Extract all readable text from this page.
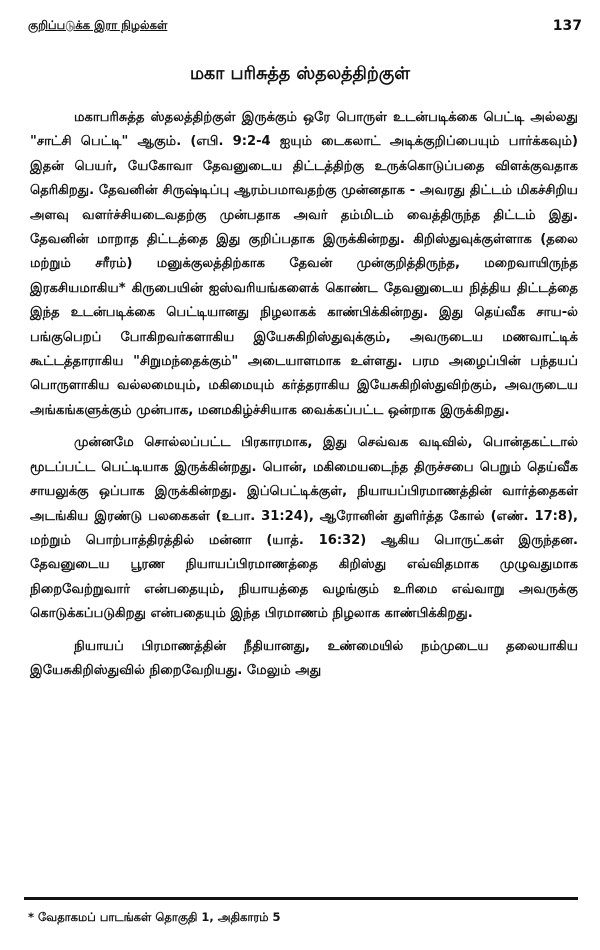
குறிப்படுக்க இரா நிழல்கள்	137
மகா பரிசுத்த ஸ்தலத்திற்குள்

மகாபரிசுத்த ஸ்தலத்திற்குள் இருக்கும் ஒரே பொருள் உடன்படிக்கை பெட்டி அல்லது "சாட்சி பெட்டி" ஆகும். (எபி. 9:2-4 ஐயும் டைகலாட் அடிக்குறிப்பையும் பார்க்கவும்) இதன் பெயர், யேகோவா தேவனுடைய திட்டத்திற்கு உருக்கொடுப்பதை விளக்குவதாக தெரிகிறது. தேவனின் சிருஷ்டிப்பு ஆரம்பமாவதற்கு முன்னதாக - அவரது திட்டம் மிகச்சிறிய அளவு வளர்ச்சியடைவதற்கு முன்பதாக அவர் தம்மிடம் வைத்திருந்த திட்டம் இது. தேவனின் மாறாத திட்டத்தை இது குறிப்பதாக இருக்கின்றது. கிறிஸ்துவுக்குள்ளாக (தலை மற்றும் சரீரம்) மனுக்குலத்திற்காக தேவன் முன்குறித்திருந்த, மறைவாயிருந்த இரகசியமாகிய* கிருபையின் ஐஸ்வரியங்களைக் கொண்ட தேவனுடைய நித்திய திட்டத்தை இந்த உடன்படிக்கை பெட்டியானது நிழலாகக் காண்பிக்கின்றது. இது தெய்வீக சாய-ல் பங்குபெறப் போகிறவர்களாகிய இயேசுகிறிஸ்துவுக்கும், அவருடைய மணவாட்டிக் கூட்டத்தாராகிய "சிறுமந்தைக்கும்" அடையாளமாக உள்ளது. பரம அழைப்பின் பந்தயப் பொருளாகிய வல்லமையும், மகிமையும் கர்த்தராகிய இயேசுகிறிஸ்துவிற்கும், அவருடைய அங்கங்களுக்கும் முன்பாக, மனமகிழ்ச்சியாக வைக்கப்பட்ட ஒன்றாக இருக்கிறது.

முன்னமே சொல்லப்பட்ட பிரகாரமாக, இது செவ்வக வடிவில், பொன்தகட்டால் மூடப்பட்ட பெட்டியாக இருக்கின்றது. பொன், மகிமையடைந்த திருச்சபை பெறும் தெய்வீக சாயலுக்கு ஒப்பாக இருக்கின்றது. இப்பெட்டிக்குள், நியாயப்பிரமாணத்தின் வார்த்தைகள் அடங்கிய இரண்டு பலகைகள் (உபா. 31:24), ஆரோனின் துளிர்த்த கோல் (எண். 17:8), மற்றும் பொற்பாத்திரத்தில் மன்னா (யாத். 16:32) ஆகிய பொருட்கள் இருந்தன. தேவனுடைய பூரண நியாயப்பிரமாணத்தை கிறிஸ்து எவ்விதமாக முழுவதுமாக நிறைவேற்றுவார் என்பதையும், நியாயத்தை வழங்கும் உரிமை எவ்வாறு அவருக்கு கொடுக்கப்படுகிறது என்பதையும் இந்த பிரமாணம் நிழலாக காண்பிக்கிறது.

நியாயப் பிரமாணத்தின் நீதியானது, உண்மையில் நம்முடைய தலையாகிய இயேசுகிறிஸ்துவில் நிறைவேறியது. மேலும் அது

* வேதாகமப் பாடங்கள் தொகுதி 1, அதிகாரம் 5
